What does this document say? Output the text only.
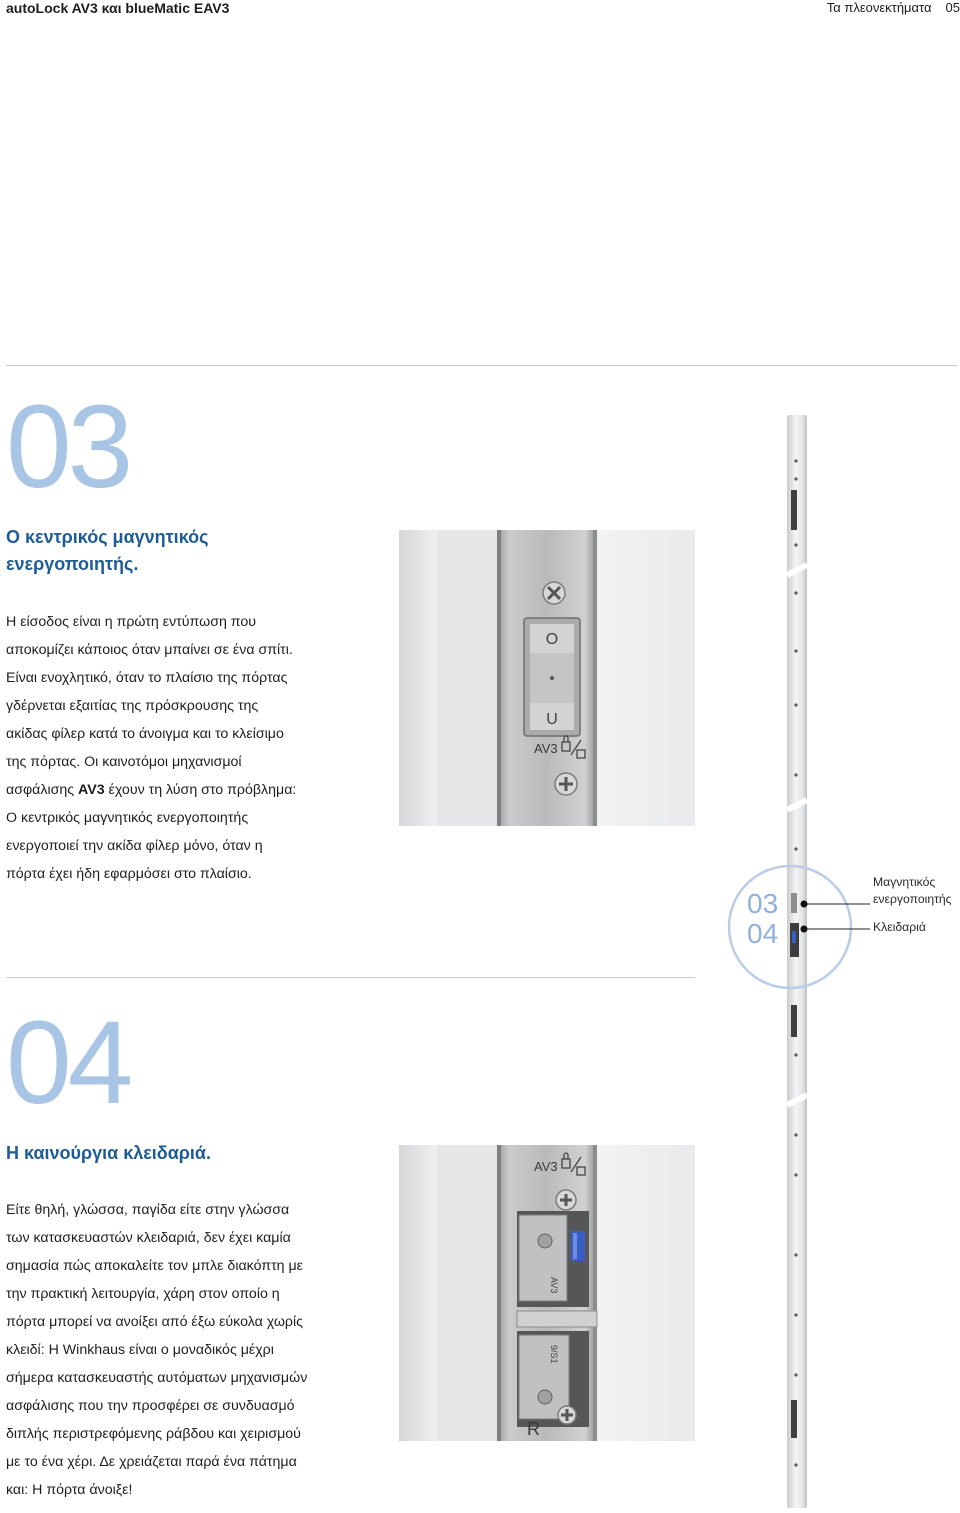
autoLock AV3 και blueMatic EAV3	Τα πλεονεκτήματα 05
03
Ο κεντρικός μαγνητικός
ενεργοποιητής.
Η είσοδος είναι η πρώτη εντύπωση που
αποκομίζει κάποιος όταν μπαίνει σε ένα σπίτι.
Είναι ενοχλητικό, όταν το πλαίσιο της πόρτας
γδέρνεται εξαιτίας της πρόσκρουσης της
ακίδας φίλερ κατά το άνοιγμα και το κλείσιμο
της πόρτας. Οι καινοτόμοι μηχανισμοί
ασφάλισης AV3 έχουν τη λύση στο πρόβλημα:
Ο κεντρικός μαγνητικός ενεργοποιητής
ενεργοποιεί την ακίδα φίλερ μόνο, όταν η
πόρτα έχει ήδη εφαρμόσει στο πλαίσιο.
O
U
AV3
04
Η καινούργια κλειδαριά.
Είτε θηλή, γλώσσα, παγίδα είτε στην γλώσσα
των κατασκευαστών κλειδαριά, δεν έχει καμία
σημασία πώς αποκαλείτε τον μπλε διακόπτη με
την πρακτική λειτουργία, χάρη στον οποίο η
πόρτα μπορεί να ανοίξει από έξω εύκολα χωρίς
κλειδί: Η Winkhaus είναι ο μοναδικός μέχρι
σήμερα κατασκευαστής αυτόματων μηχανισμών
ασφάλισης που την προσφέρει σε συνδυασμό
διπλής περιστρεφόμενης ράβδου και χειρισμού
με το ένα χέρι. Δε χρειάζεται παρά ένα πάτημα
και: Η πόρτα άνοιξε!
AV3
AV3
9/S1
R
03
04
Μαγνητικός
ενεργοποιητής
Κλειδαριά
